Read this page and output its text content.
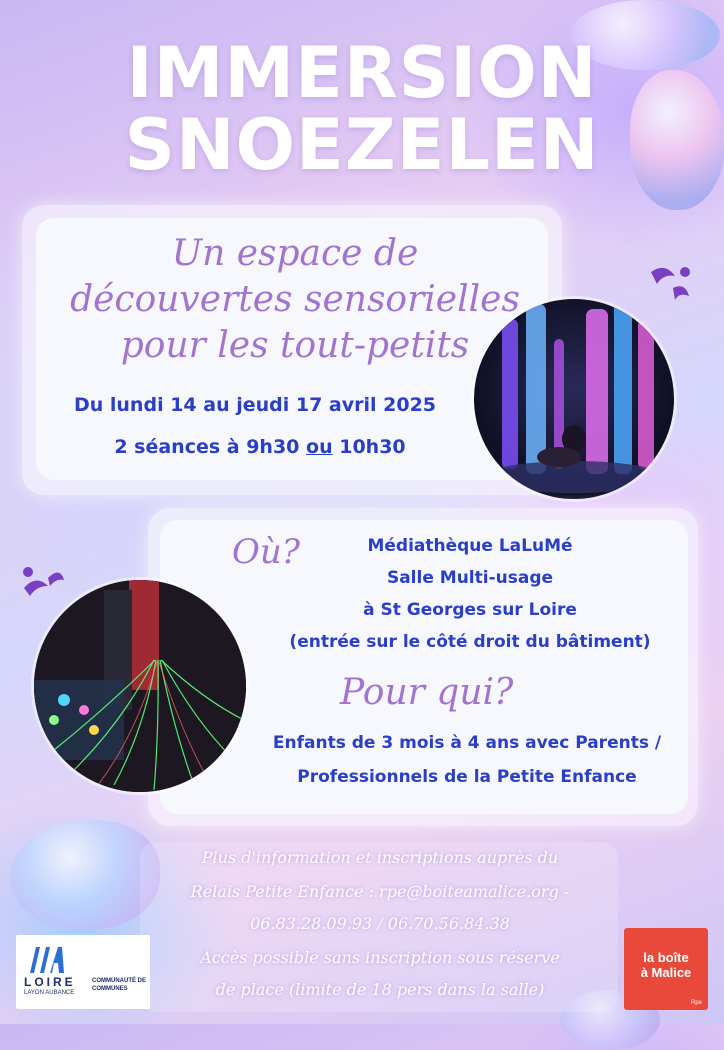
IMMERSION
SNOEZELEN
Un espace de
découvertes sensorielles
pour les tout-petits
Du lundi 14 au jeudi 17 avril 2025
2 séances à 9h30 ou 10h30
Où?	Médiathèque LaLuMé
Salle Multi-usage
à St Georges sur Loire
(entrée sur le côté droit du bâtiment)
Pour qui?
Enfants de 3 mois à 4 ans avec Parents /
Professionnels de la Petite Enfance
Plus d'information et inscriptions auprès du
Relais Petite Enfance : rpe@boiteamalice.org -
06.83.28.09.93 / 06.70.56.84.38
Accès possible sans inscription sous réserve
de place (limite de 18 pers dans la salle)
LOIRE
LAYON AUBANCE
COMMUNAUTÉ DE COMMUNES
la boîte
à Malice
Rpe
